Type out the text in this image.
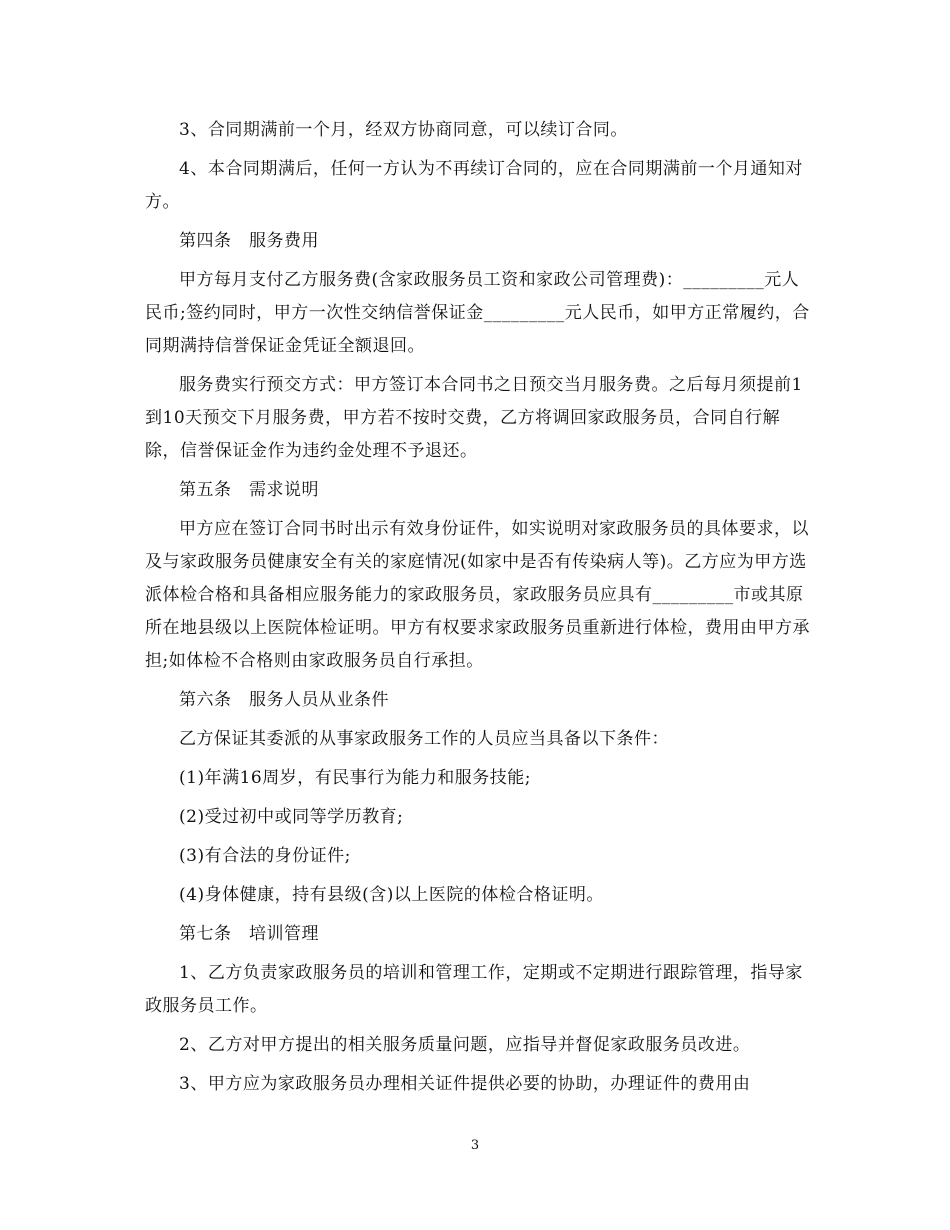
3、合同期满前一个月，经双方协商同意，可以续订合同。

4、本合同期满后，任何一方认为不再续订合同的，应在合同期满前一个月通知对方。

第四条　服务费用

甲方每月支付乙方服务费(含家政服务员工资和家政公司管理费)：_________元人民币;签约同时，甲方一次性交纳信誉保证金_________元人民币，如甲方正常履约，合同期满持信誉保证金凭证全额退回。

服务费实行预交方式：甲方签订本合同书之日预交当月服务费。之后每月须提前1到10天预交下月服务费，甲方若不按时交费，乙方将调回家政服务员，合同自行解除，信誉保证金作为违约金处理不予退还。

第五条　需求说明

甲方应在签订合同书时出示有效身份证件，如实说明对家政服务员的具体要求，以及与家政服务员健康安全有关的家庭情况(如家中是否有传染病人等)。乙方应为甲方选派体检合格和具备相应服务能力的家政服务员，家政服务员应具有_________市或其原所在地县级以上医院体检证明。甲方有权要求家政服务员重新进行体检，费用由甲方承担;如体检不合格则由家政服务员自行承担。

第六条　服务人员从业条件

乙方保证其委派的从事家政服务工作的人员应当具备以下条件：

(1)年满16周岁，有民事行为能力和服务技能;

(2)受过初中或同等学历教育;

(3)有合法的身份证件;

(4)身体健康，持有县级(含)以上医院的体检合格证明。

第七条　培训管理

1、乙方负责家政服务员的培训和管理工作，定期或不定期进行跟踪管理，指导家政服务员工作。

2、乙方对甲方提出的相关服务质量问题，应指导并督促家政服务员改进。

3、甲方应为家政服务员办理相关证件提供必要的协助，办理证件的费用由

3
